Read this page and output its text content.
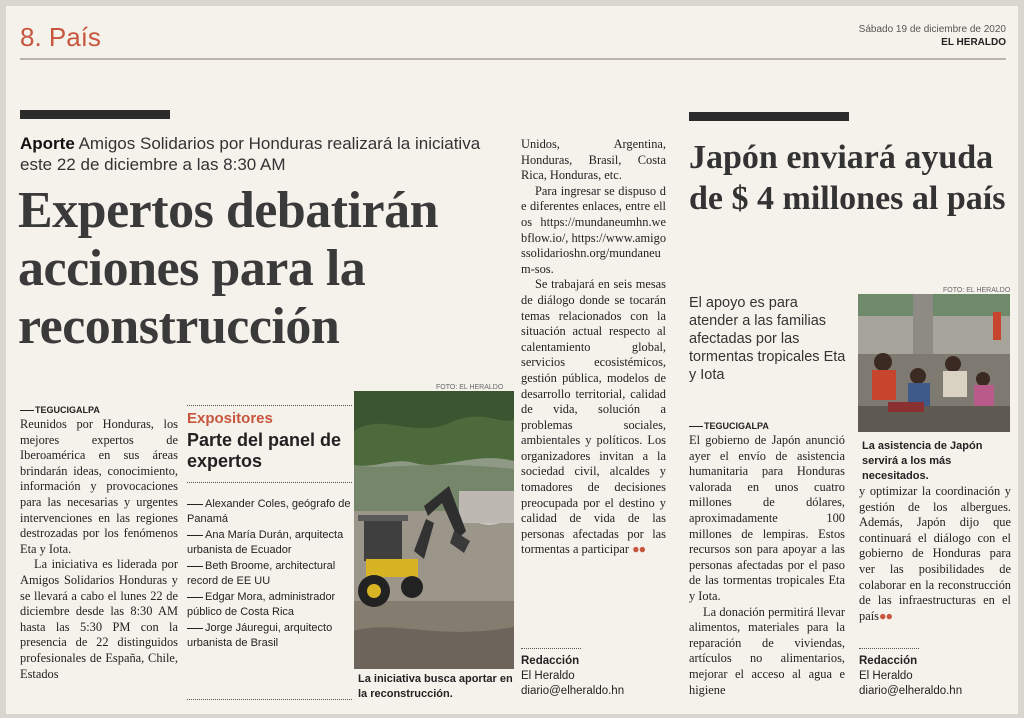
8. País	Sábado 19 de diciembre de 2020
EL HERALDO
Aporte Amigos Solidarios por Honduras realizará la iniciativa este 22 de diciembre a las 8:30 AM
Expertos debatirán acciones para la reconstrucción
TEGUCIGALPA

Reunidos por Honduras, los mejores expertos de Iberoamérica en sus áreas brindarán ideas, conocimiento, información y provocaciones para las necesarias y urgentes intervenciones en las regiones destrozadas por los fenómenos Eta y Iota.

La iniciativa es liderada por Amigos Solidarios Honduras y se llevará a cabo el lunes 22 de diciembre desde las 8:30 AM hasta las 5:30 PM con la presencia de 22 distinguidos profesionales de España, Chile, Estados

Expositores
Parte del panel de expertos
Alexander Coles, geógrafo de Panamá
Ana María Durán, arquitecta urbanista de Ecuador
Beth Broome, architectural record de EE UU
Edgar Mora, administrador público de Costa Rica
Jorge Jáuregui, arquitecto urbanista de Brasil
FOTO: EL HERALDO
La iniciativa busca aportar en la reconstrucción.

Unidos, Argentina, Honduras, Brasil, Costa Rica, Honduras, etc.

Para ingresar se dispuso de diferentes enlaces, entre ellos https://mundaneumhn.webflow.io/, https://www.amigossolidarioshn.org/mundaneum-sos.

Se trabajará en seis mesas de diálogo donde se tocarán temas relacionados con la situación actual respecto al calentamiento global, servicios ecosistémicos, gestión pública, modelos de desarrollo territorial, calidad de vida, solución a problemas sociales, ambientales y políticos. Los organizadores invitan a la sociedad civil, alcaldes y tomadores de decisiones preocupada por el destino y calidad de vida de las personas afectadas por las tormentas a participar ●●

Redacción
El Heraldo
diario@elheraldo.hn
Japón enviará ayuda de $ 4 millones al país
El apoyo es para atender a las familias afectadas por las tormentas tropicales Eta y Iota
TEGUCIGALPA

El gobierno de Japón anunció ayer el envío de asistencia humanitaria para Honduras valorada en unos cuatro millones de dólares, aproximadamente 100 millones de lempiras. Estos recursos son para apoyar a las personas afectadas por el paso de las tormentas tropicales Eta y Iota.

La donación permitirá llevar alimentos, materiales para la reparación de viviendas, artículos no alimentarios, mejorar el acceso al agua e higiene

FOTO: EL HERALDO
La asistencia de Japón servirá a los más necesitados.

y optimizar la coordinación y gestión de los albergues. Además, Japón dijo que continuará el diálogo con el gobierno de Honduras para ver las posibilidades de colaborar en la reconstrucción de las infraestructuras en el país●●

Redacción
El Heraldo
diario@elheraldo.hn
